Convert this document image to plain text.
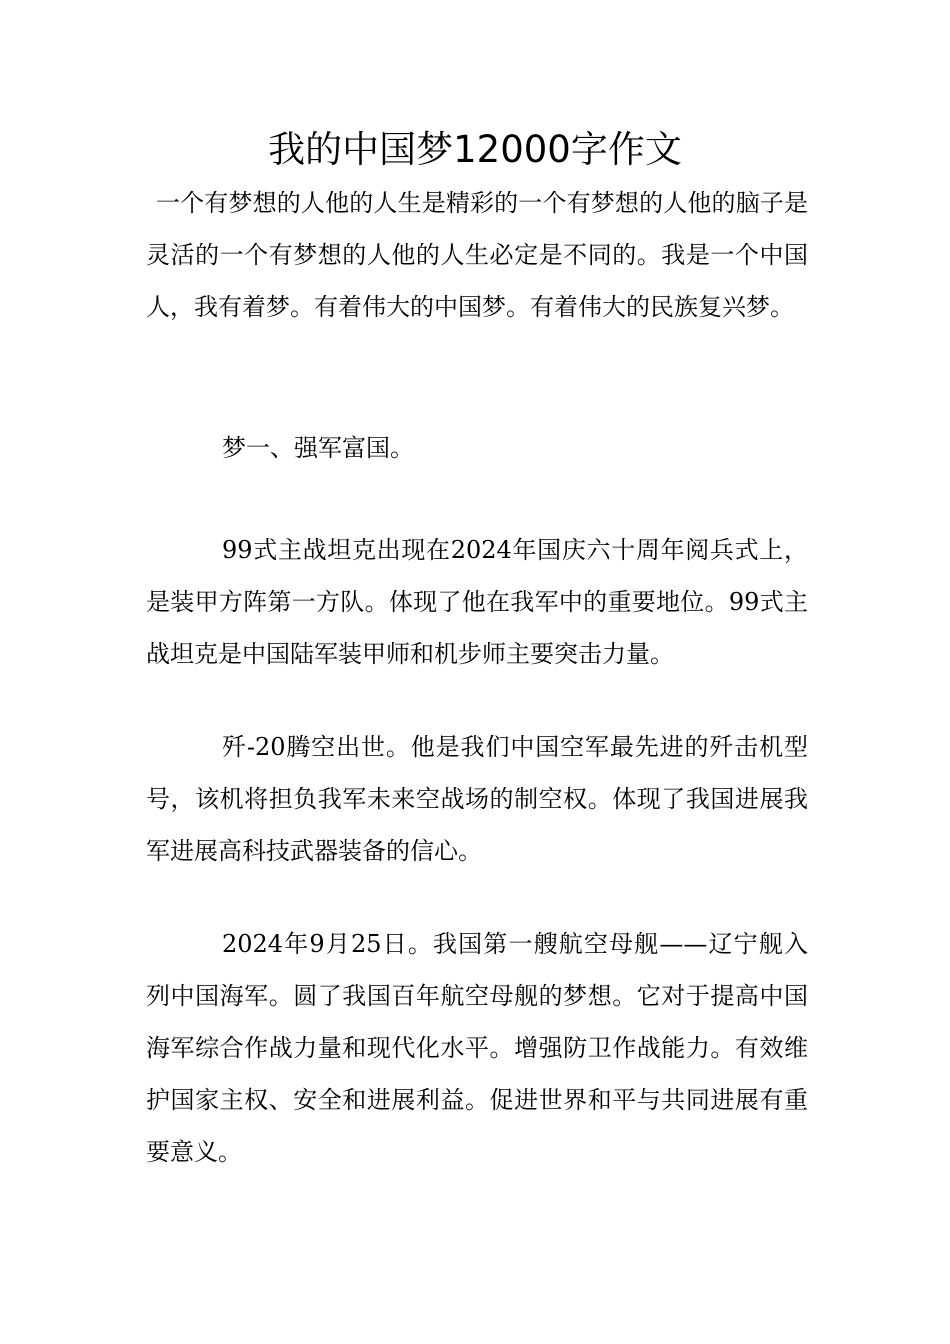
我的中国梦12000字作文

一个有梦想的人他的人生是精彩的一个有梦想的人他的脑子是灵活的一个有梦想的人他的人生必定是不同的。我是一个中国人，我有着梦。有着伟大的中国梦。有着伟大的民族复兴梦。

梦一、强军富国。

99式主战坦克出现在2024年国庆六十周年阅兵式上，是装甲方阵第一方队。体现了他在我军中的重要地位。99式主战坦克是中国陆军装甲师和机步师主要突击力量。

歼-20腾空出世。他是我们中国空军最先进的歼击机型号，该机将担负我军未来空战场的制空权。体现了我国进展我军进展高科技武器装备的信心。

2024年9月25日。我国第一艘航空母舰——辽宁舰入列中国海军。圆了我国百年航空母舰的梦想。它对于提高中国海军综合作战力量和现代化水平。增强防卫作战能力。有效维护国家主权、安全和进展利益。促进世界和平与共同进展有重要意义。
